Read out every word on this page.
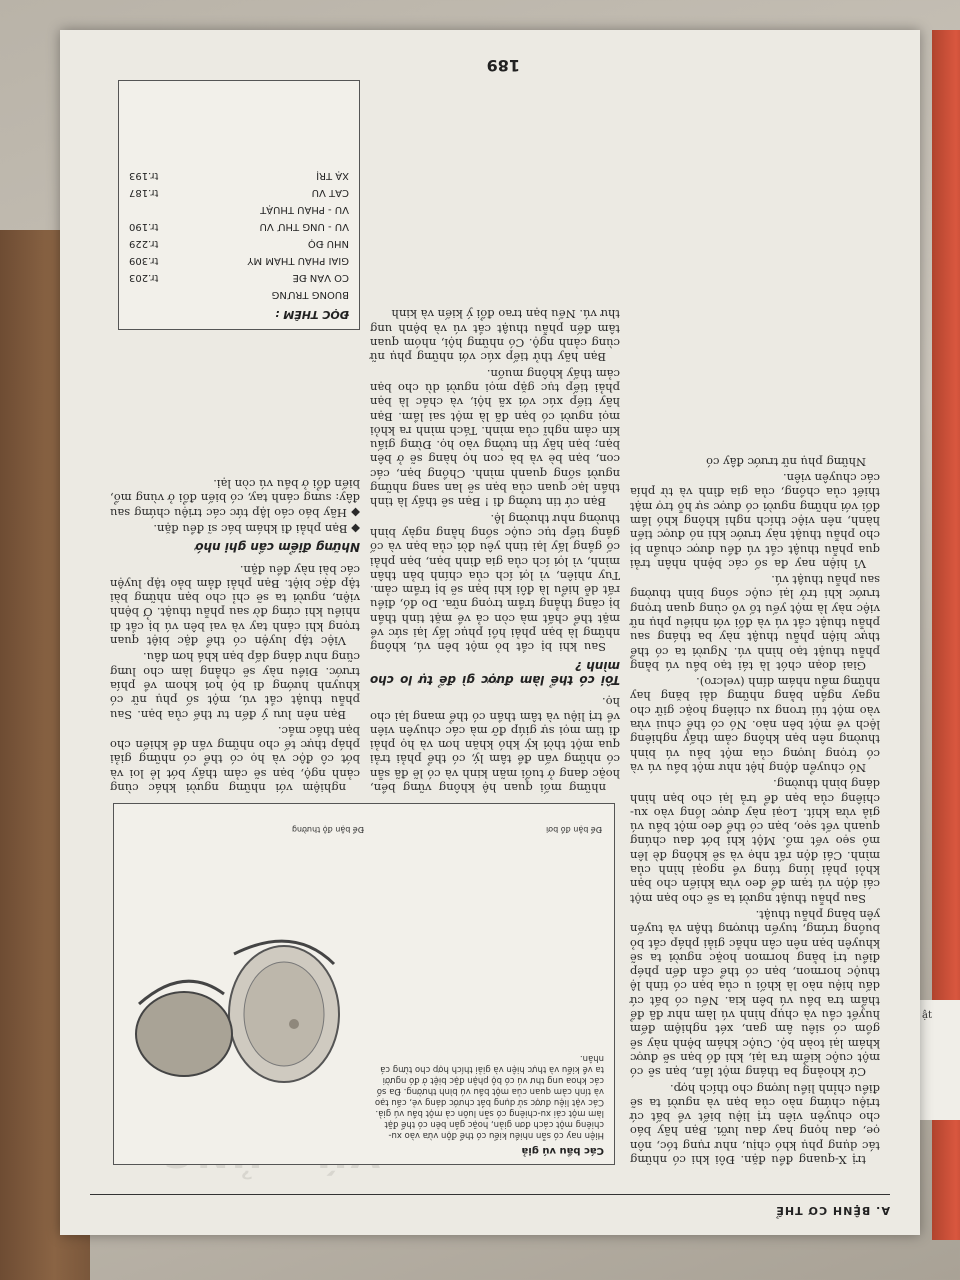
ật
A. BỆNH CƠ THỂ

trị X-quang đều đặn. Đôi khi có những tác dụng phụ khó chịu, như rụng tóc, nôn ọe, đau họng hay đau lưỡi. Bạn hãy báo cho chuyên viên trị liệu biết về bất cứ triệu chứng nào của bạn và người ta sẽ điều chỉnh liều lượng cho thích hợp.

Cứ khoảng ba tháng một lần, bạn sẽ có một cuộc kiểm tra lại, khi đó bạn sẽ được khám lại toàn bộ. Cuộc khám bệnh này sẽ gồm có siêu âm gan, xét nghiệm đếm huyết cầu và chụp hình vú làm như đã để thẩm tra bầu vú bên kia. Nếu có bất cứ dấu hiệu nào là khối u của bạn có tính lệ thuộc hormon, bạn có thể cần đến phép điều trị bằng hormon hoặc người ta sẽ khuyên bạn nên cân nhắc giải pháp cắt bỏ buồng trứng, tuyến thượng thận và tuyến yên bằng phẫu thuật.

Sau phẫu thuật người ta sẽ cho bạn một cái độn vú tạm để đeo vừa khiến cho bạn khỏi phải lúng túng về ngoại hình của mình. Cái độn rất nhẹ và sẽ không đè lên mô sẹo vết mổ. Một khi bớt đau chúng quanh vết sẹo, bạn có thể đeo một bầu vú giả vừa khít. Loại này được lồng vào xu-chiêng của bạn để trả lại cho bạn hình dáng bình thường.

Nó chuyển động hệt như một bầu vú và có trọng lượng của một bầu vú bình thường nên bạn không cảm thấy nghiêng lệch về một bên nào. Nó có thể chui vừa vào một túi trong xu chiêng hoặc giữ cho ngay ngắn bằng những dải băng hay những mẩu nhám dính (velcro).

Giai đoạn chót là tái tạo bầu vú bằng phẫu thuật tạo hình vú. Người ta có thể thực hiện phẫu thuật này ba tháng sau phẫu thuật cắt vú và đối với nhiều phụ nữ việc này là một yếu tố vô cùng quan trọng trước khi trở lại cuộc sống bình thường sau phẫu thuật vú.

Vì hiện nay đa số các bệnh nhân trải qua phẫu thuật cắt vú đều được chuẩn bị cho phẫu thuật này trước khi nó được tiến hành, nên việc thích nghi không khó lắm đối với những người có được sự hỗ trợ mật thiết của chồng, của gia đình và từ phía các chuyên viên.

Những phụ nữ trước đây có

Các bầu vú giả
Hiện nay có sẵn nhiều kiểu có thể độn vừa vào xu-chiêng một cách đơn giản, hoặc gắn bên có thể đặt làm một cái xu-chiêng có sẵn luôn cả một bầu vú giả. Các vật liệu được sử dụng bắt chước dáng vẻ, cấu tạo và tính cảm quan của một bầu vú bình thường. Đa số các khoa ung thư vú có bộ phận đặc biệt ở đó người ta về kiểu và thực hiện và giải thích hợp cho từng cá nhân.
Để bận đồ bơi
Để bận độ thường

những mối quan hệ không vững bền, hoặc đang ở tuổi mãn kinh và có lẽ đã sẵn có những vấn đề tâm lý, có thể phải trải qua một thời kỳ khó khăn hơn và họ phải đi tìm mọi sự giúp đỡ mà các chuyên viên về trị liệu và tâm thần có thể mang lại cho họ.

Tôi có thể làm được gì để tự lo cho mình ?

Sau khi bị cắt bỏ một bên vú, không những là bạn phải hồi phục lấy lại sức về mặt thể chất mà còn cả về mặt tinh thần bị căng thẳng trầm trọng nữa. Do đó, điều rất dễ hiểu là đôi khi bạn sẽ bị trầm cảm. Tuy nhiên, vì lợi ích của chính bản thân mình, vì lợi ích của gia đình bạn, bạn phải cố gắng lấy lại tinh yêu đời của bạn và cố gắng tiếp tục cuộc sống hằng ngày bình thường như thường lệ.

Bạn cứ tin tưởng đi ! Bạn sẽ thấy là tình thần lạc quan của bạn sẽ lan sang những người sống quanh mình. Chồng bạn, các con, bạn bè và bà con họ hàng sẽ ở bên bạn; bạn hãy tin tưởng vào họ. Đừng giấu kín cảm nghĩ của mình. Tách mình ra khỏi mọi người có bạn đã là một sai lầm. Bạn hãy tiếp xúc với xã hội, và chắc là bạn phải tiếp tục gặp mọi người dù cho bạn cảm thấy không muốn.

Bạn hãy thử tiếp xúc với những phụ nữ cùng cảnh ngộ. Có những hội, nhóm quan tâm đến phẫu thuật cắt vú và bệnh ung thư vú. Nếu bạn trao đổi ý kiến và kinh

nghiệm với những người khác cùng cảnh ngộ, bạn sẽ cảm thấy bớt lẻ loi và bớt cô độc và họ có thể có những giải pháp thực tế cho những vấn đề khiến cho bạn thắc mắc.

Bạn nên lưu ý đến tư thế của bạn. Sau phẫu thuật cắt vú, một số phụ nữ có khuynh hướng đi bộ hơi khom về phía trước. Điều này sẽ chẳng làm cho lưng cũng như dáng dấp bạn khá hơn đâu.

Việc tập luyện có thể đặc biệt quan trọng khi cánh tay và vai bên vú bị cắt đi nhiều khi cứng đờ sau phẫu thuật. Ở bệnh viện, người ta sẽ chỉ cho bạn những bài tập đặc biệt. Bạn phải đảm bảo tập luyện các bài này đều đặn.

Những điểm cần ghi nhớ
◆ Bạn phải đi khám bác sĩ đều đặn.
◆ Hãy báo cáo lập tức các triệu chứng sau đây: sưng cánh tay, có biến đổi ở vùng mổ, biến đổi ở bầu vú còn lại.
ĐỌC THÊM :
BUỒNG TRỨNG
CÓ VẤN ĐỀ
tr.203
GIẢI PHẪU THẨM MỸ
tr.309
NHŨ ĐỘ
tr.229
VÚ - UNG THƯ VÚ
tr.190
VÚ - PHẪU THUẬT
CẮT VÚ
tr.187
XẠ TRỊ
tr.193
189
